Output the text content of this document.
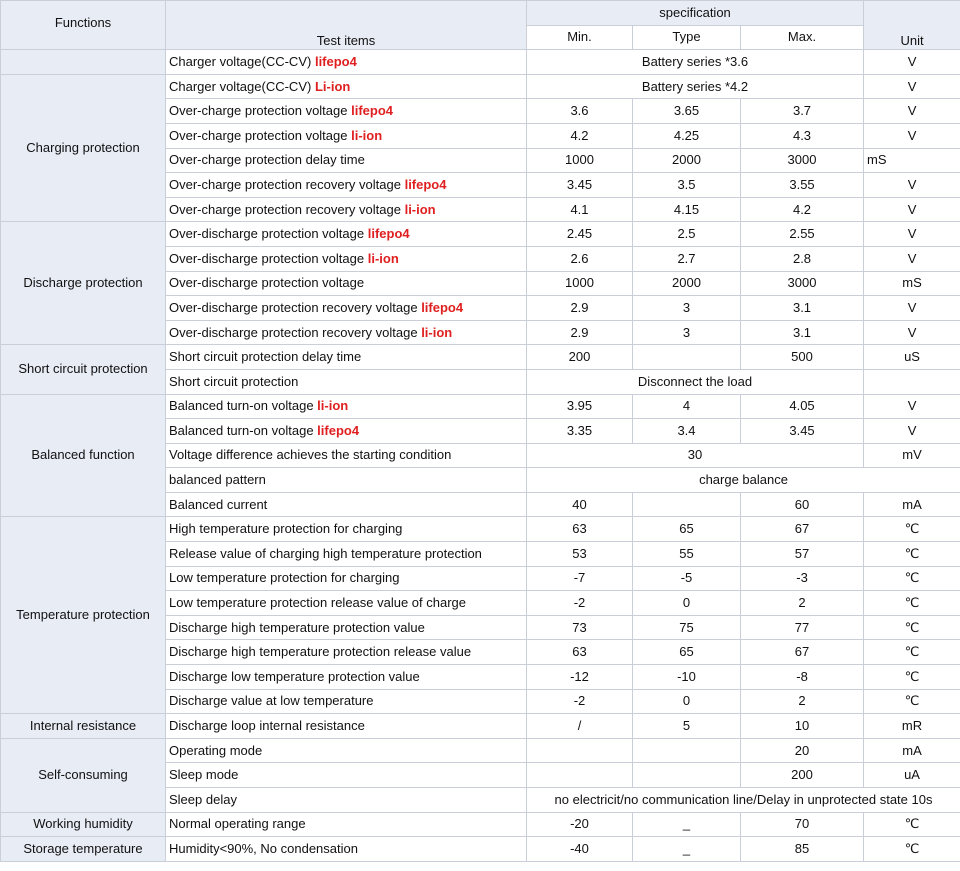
Functions	Test items	specification			Unit
		Min.	Type	Max.	
	Charger voltage(CC-CV) lifepo4	Battery series *3.6			V
Charging protection	Charger voltage(CC-CV) Li-ion	Battery series *4.2			V
	Over-charge protection voltage lifepo4	3.6	3.65	3.7	V
	Over-charge protection voltage li-ion	4.2	4.25	4.3	V
	Over-charge protection delay time	1000	2000	3000	mS
	Over-charge protection recovery voltage lifepo4	3.45	3.5	3.55	V
	Over-charge protection recovery voltage li-ion	4.1	4.15	4.2	V
Discharge protection	Over-discharge protection voltage lifepo4	2.45	2.5	2.55	V
	Over-discharge protection voltage li-ion	2.6	2.7	2.8	V
	Over-discharge protection voltage	1000	2000	3000	mS
	Over-discharge protection recovery voltage lifepo4	2.9	3	3.1	V
	Over-discharge protection recovery voltage li-ion	2.9	3	3.1	V
Short circuit protection	Short circuit protection delay time	200		500	uS
	Short circuit protection	Disconnect the load			
Balanced function	Balanced turn-on voltage li-ion	3.95	4	4.05	V
	Balanced turn-on voltage lifepo4	3.35	3.4	3.45	V
	Voltage difference achieves the starting condition	30			mV
	balanced pattern	charge balance			
	Balanced current	40		60	mA
Temperature protection	High temperature protection for charging	63	65	67	℃
	Release value of charging high temperature protection	53	55	57	℃
	Low temperature protection for charging	-7	-5	-3	℃
	Low temperature protection release value of charge	-2	0	2	℃
	Discharge high temperature protection value	73	75	77	℃
	Discharge high temperature protection release value	63	65	67	℃
	Discharge low temperature protection value	-12	-10	-8	℃
	Discharge value at low temperature	-2	0	2	℃
Internal resistance	Discharge loop internal resistance	/	5	10	mR
Self-consuming	Operating mode			20	mA
	Sleep mode			200	uA
	Sleep delay	no electricit/no communication line/Delay in unprotected state 10s			
Working humidity	Normal operating range	-20	_	70	℃
Storage temperature	Humidity<90%, No condensation	-40	_	85	℃
